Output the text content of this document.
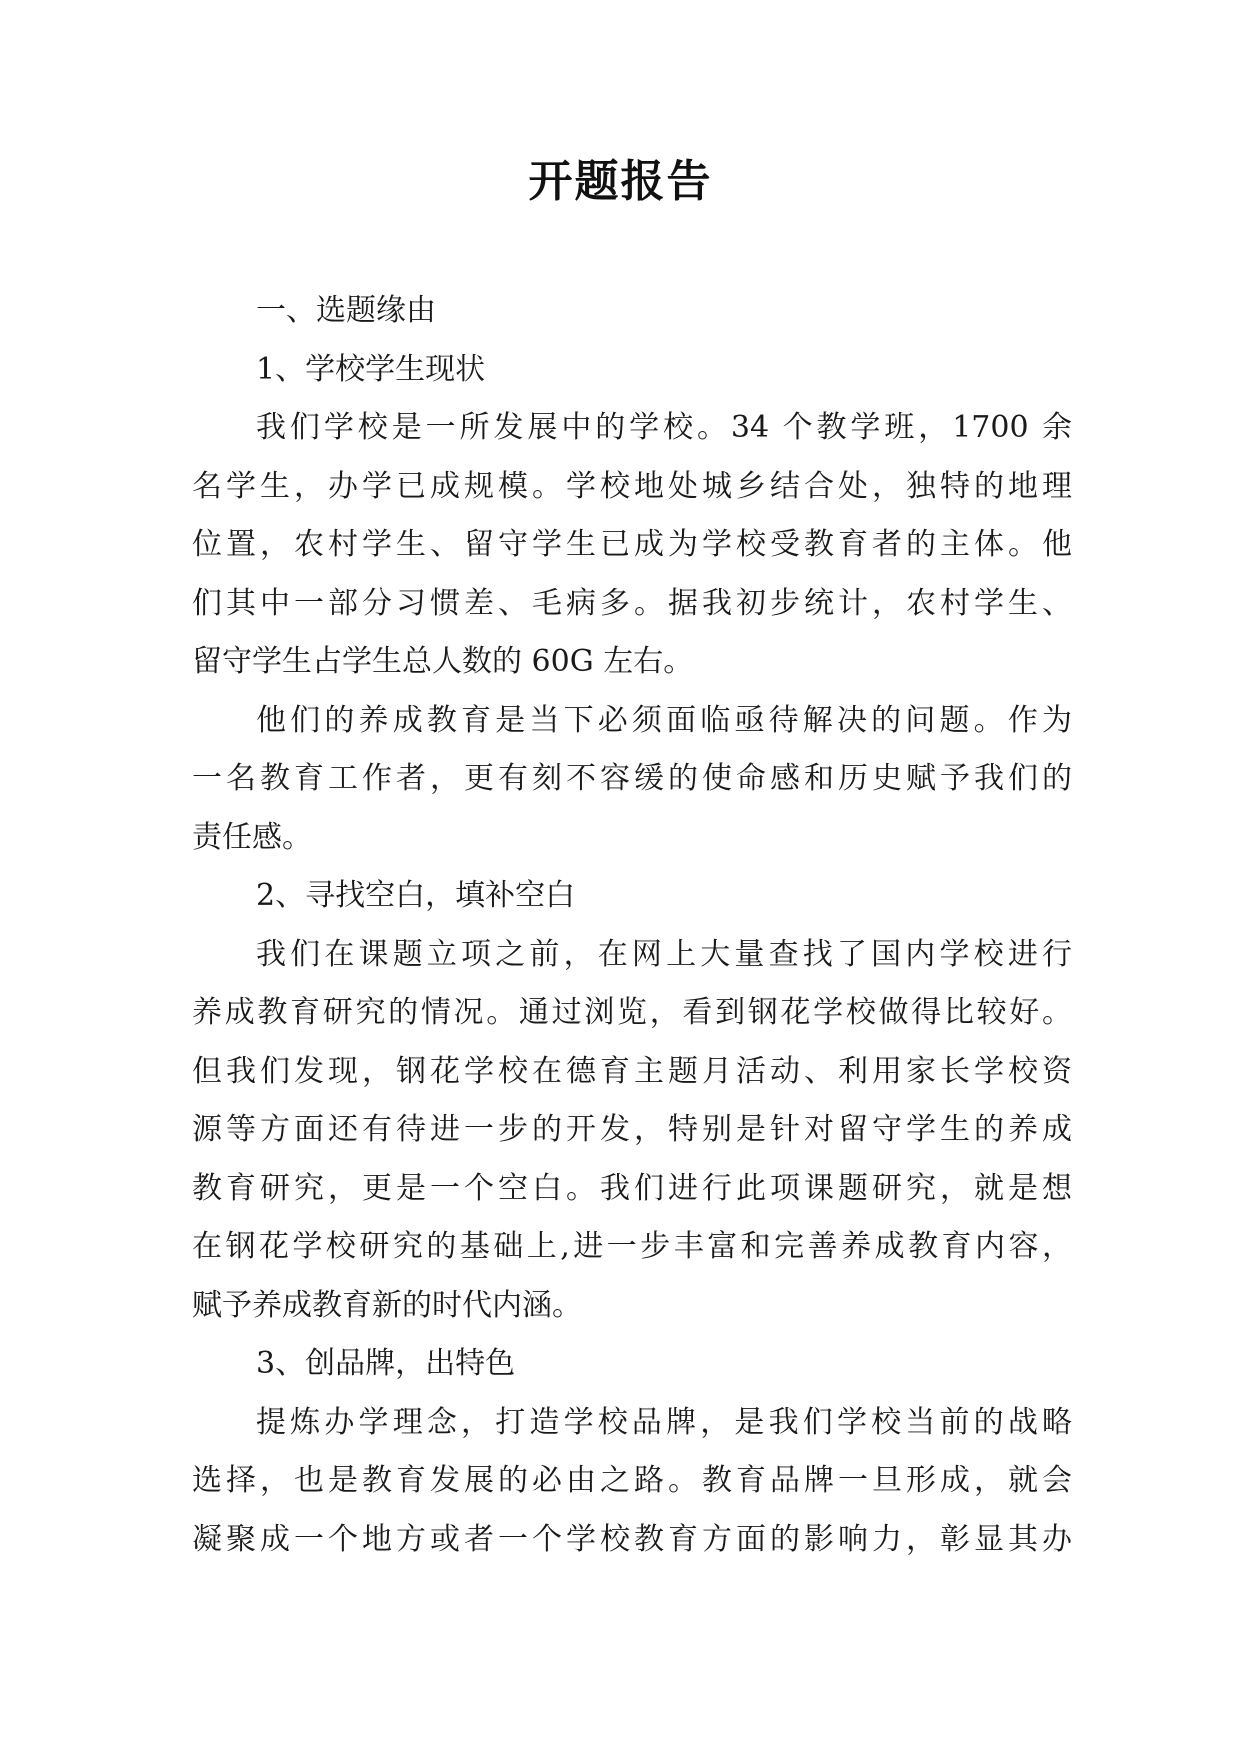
开题报告
一、选题缘由
1、学校学生现状
我们学校是一所发展中的学校。34 个教学班，1700 余
名学生，办学已成规模。学校地处城乡结合处，独特的地理
位置，农村学生、留守学生已成为学校受教育者的主体。他
们其中一部分习惯差、毛病多。据我初步统计，农村学生、
留守学生占学生总人数的 60G 左右。
他们的养成教育是当下必须面临亟待解决的问题。作为
一名教育工作者，更有刻不容缓的使命感和历史赋予我们的
责任感。
2、寻找空白，填补空白
我们在课题立项之前，在网上大量查找了国内学校进行
养成教育研究的情况。通过浏览，看到钢花学校做得比较好。
但我们发现，钢花学校在德育主题月活动、利用家长学校资
源等方面还有待进一步的开发，特别是针对留守学生的养成
教育研究，更是一个空白。我们进行此项课题研究，就是想
在钢花学校研究的基础上,进一步丰富和完善养成教育内容，
赋予养成教育新的时代内涵。
3、创品牌，出特色
提炼办学理念，打造学校品牌，是我们学校当前的战略
选择，也是教育发展的必由之路。教育品牌一旦形成，就会
凝聚成一个地方或者一个学校教育方面的影响力，彰显其办
